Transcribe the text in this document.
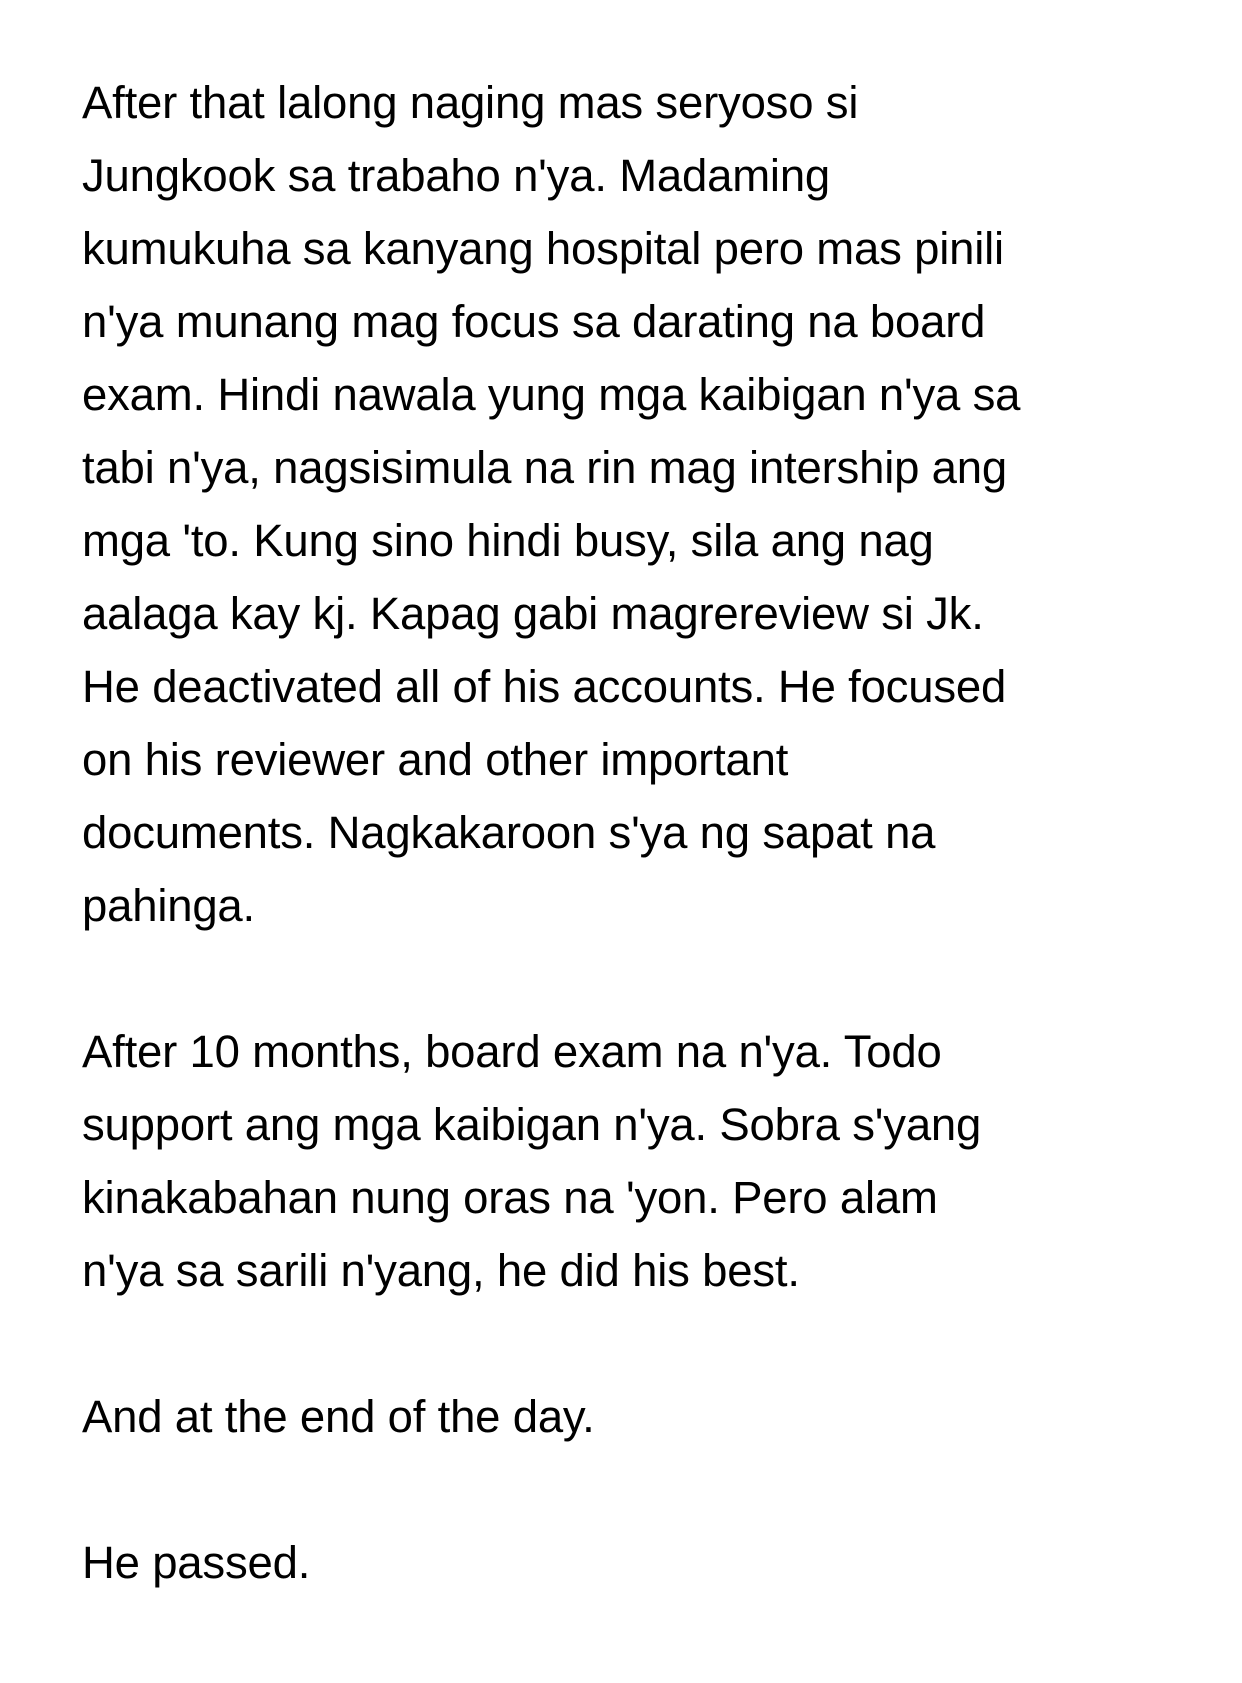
After that lalong naging mas seryoso si
Jungkook sa trabaho n'ya. Madaming
kumukuha sa kanyang hospital pero mas pinili
n'ya munang mag focus sa darating na board
exam. Hindi nawala yung mga kaibigan n'ya sa
tabi n'ya, nagsisimula na rin mag intership ang
mga 'to. Kung sino hindi busy, sila ang nag
aalaga kay kj. Kapag gabi magrereview si Jk.
He deactivated all of his accounts. He focused
on his reviewer and other important
documents. Nagkakaroon s'ya ng sapat na
pahinga.

After 10 months, board exam na n'ya. Todo
support ang mga kaibigan n'ya. Sobra s'yang
kinakabahan nung oras na 'yon. Pero alam
n'ya sa sarili n'yang, he did his best.

And at the end of the day.

He passed.
